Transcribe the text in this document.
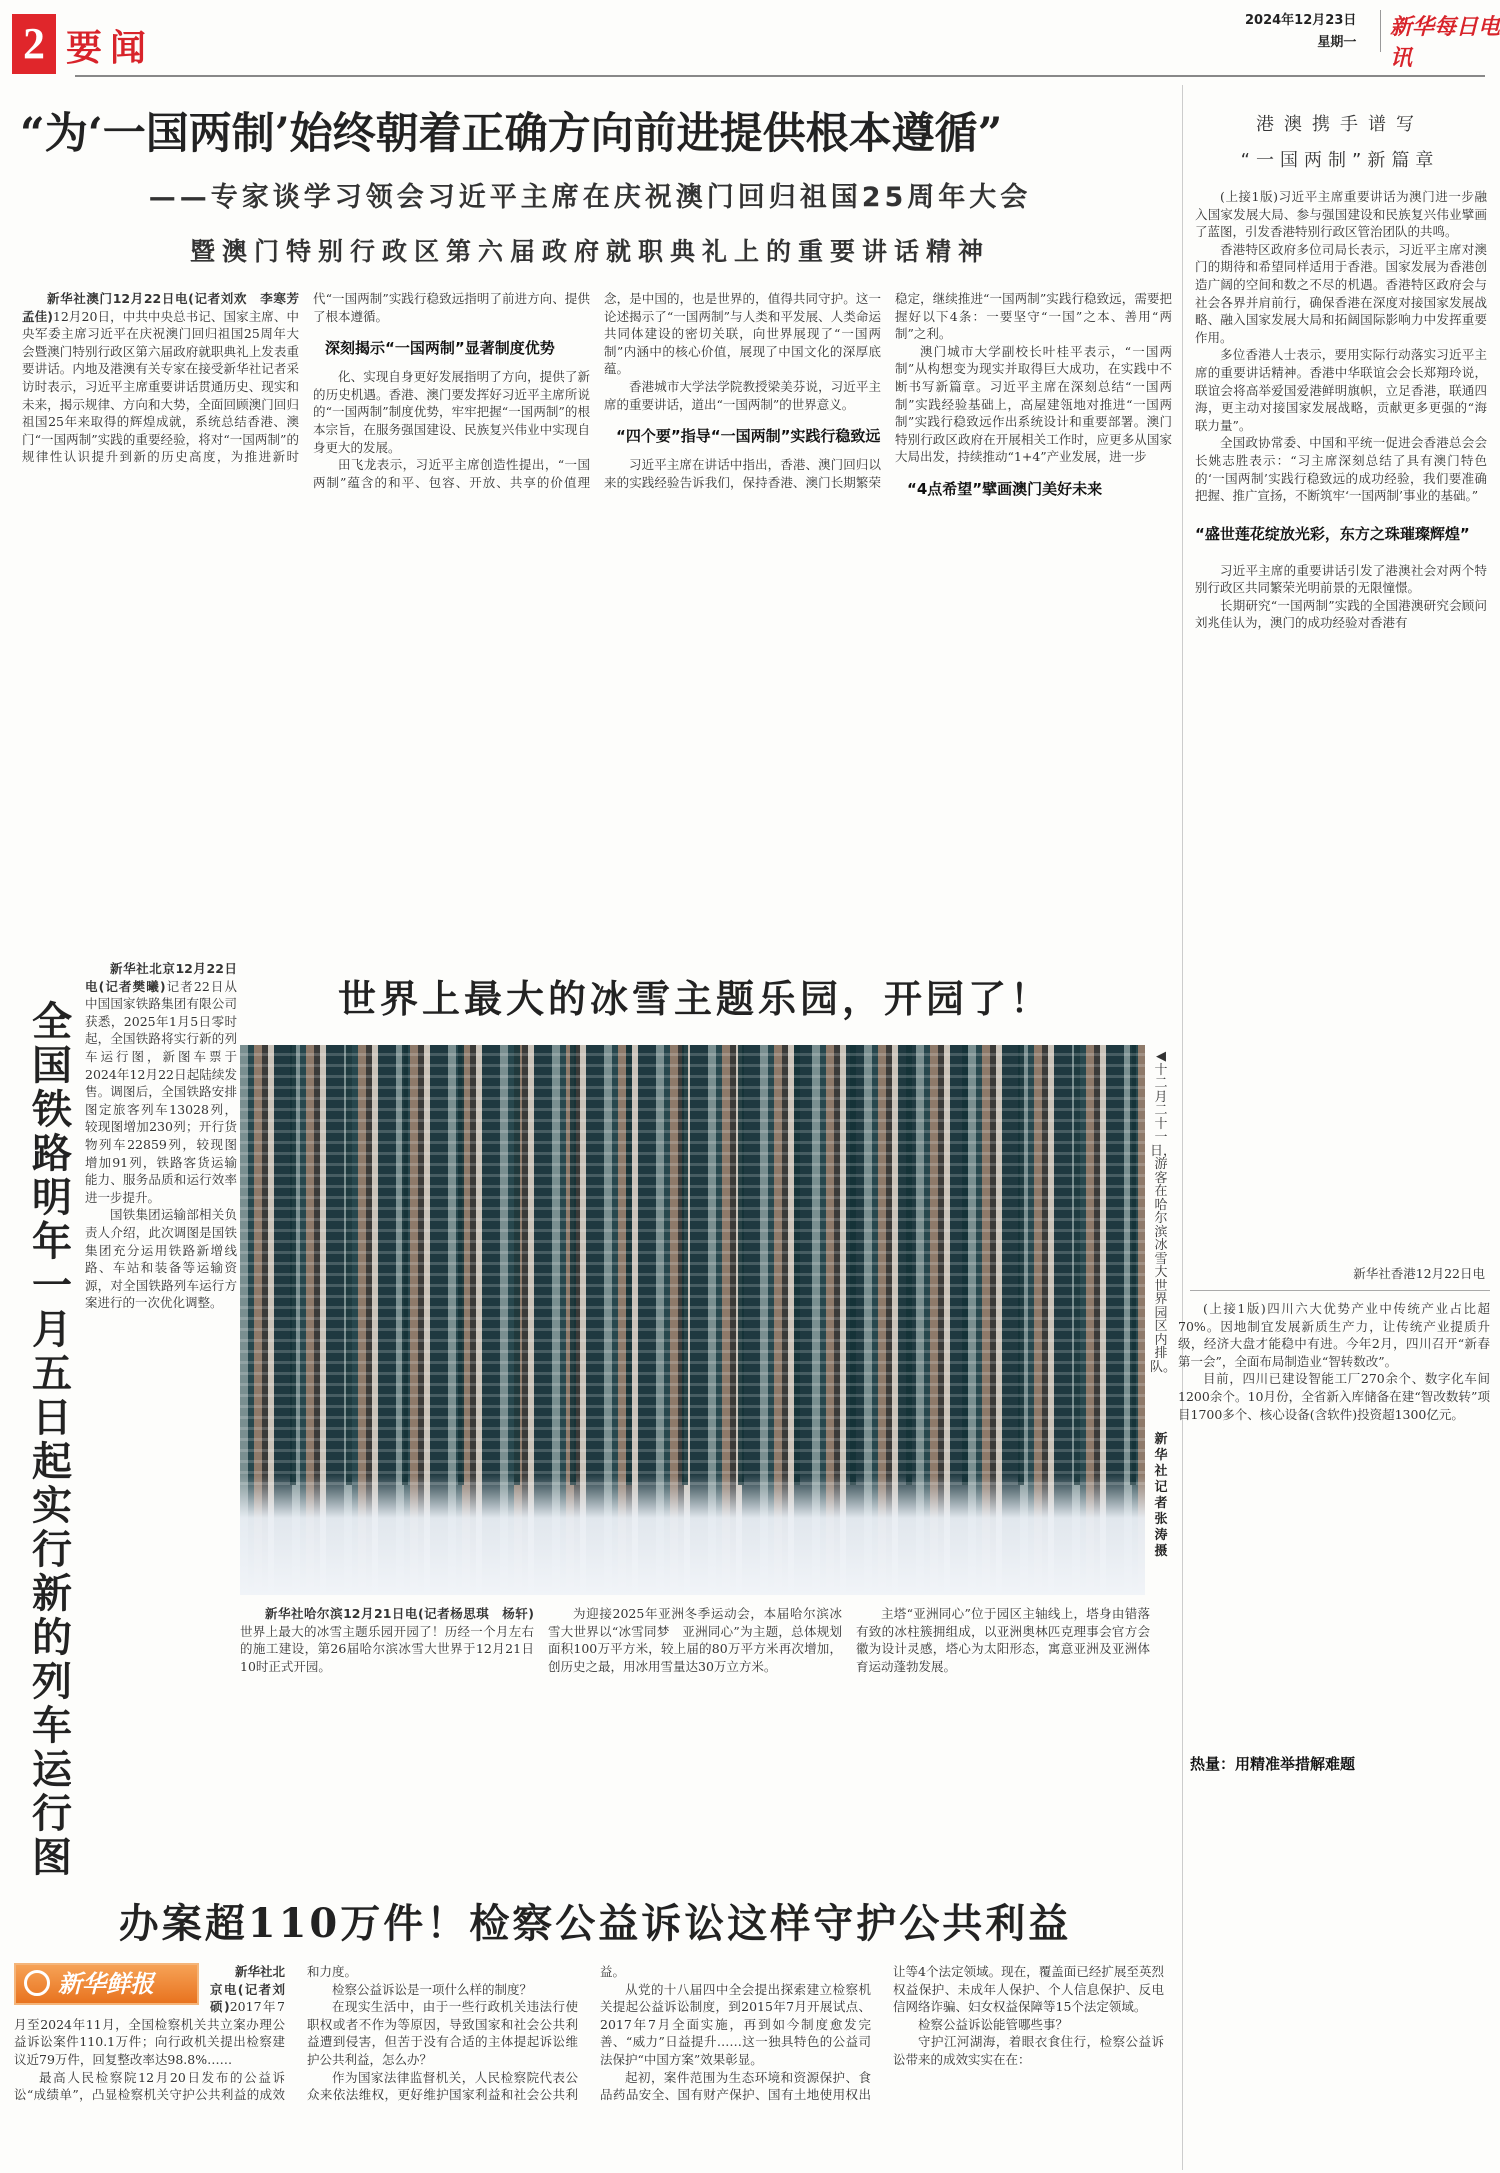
2 要闻
2024年12月23日
星期一
新华每日电讯
“为‘一国两制’始终朝着正确方向前进提供根本遵循”
——专家谈学习领会习近平主席在庆祝澳门回归祖国25周年大会
暨澳门特别行政区第六届政府就职典礼上的重要讲话精神

新华社澳门12月22日电(记者刘欢　李寒芳　孟佳)12月20日，中共中央总书记、国家主席、中央军委主席习近平在庆祝澳门回归祖国25周年大会暨澳门特别行政区第六届政府就职典礼上发表重要讲话。内地及港澳有关专家在接受新华社记者采访时表示，习近平主席重要讲话贯通历史、现实和未来，揭示规律、方向和大势，全面回顾澳门回归祖国25年来取得的辉煌成就，系统总结香港、澳门“一国两制”实践的重要经验，将对“一国两制”的规律性认识提升到新的历史高度，为推进新时代“一国两制”实践行稳致远指明了前进方向、提供了根本遵循。

深刻揭示“一国两制”显著制度优势

化、实现自身更好发展指明了方向，提供了新的历史机遇。香港、澳门要发挥好习近平主席所说的“一国两制”制度优势，牢牢把握“一国两制”的根本宗旨，在服务强国建设、民族复兴伟业中实现自身更大的发展。

田飞龙表示，习近平主席创造性提出，“一国两制”蕴含的和平、包容、开放、共享的价值理念，是中国的，也是世界的，值得共同守护。这一论述揭示了“一国两制”与人类和平发展、人类命运共同体建设的密切关联，向世界展现了“一国两制”内涵中的核心价值，展现了中国文化的深厚底蕴。

香港城市大学法学院教授梁美芬说，习近平主席的重要讲话，道出“一国两制”的世界意义。

“四个要”指导“一国两制”实践行稳致远

习近平主席在讲话中指出，香港、澳门回归以来的实践经验告诉我们，保持香港、澳门长期繁荣稳定，继续推进“一国两制”实践行稳致远，需要把握好以下4条：一要坚守“一国”之本、善用“两制”之利。

澳门城市大学副校长叶桂平表示，“一国两制”从构想变为现实并取得巨大成功，在实践中不断书写新篇章。习近平主席在深刻总结“一国两制”实践经验基础上，高屋建瓴地对推进“一国两制”实践行稳致远作出系统设计和重要部署。澳门特别行政区政府在开展相关工作时，应更多从国家大局出发，持续推动“1+4”产业发展，进一步

“4点希望”擘画澳门美好未来

港澳携手谱写
“一国两制”新篇章

(上接1版)习近平主席重要讲话为澳门进一步融入国家发展大局、参与强国建设和民族复兴伟业擘画了蓝图，引发香港特别行政区管治团队的共鸣。

香港特区政府多位司局长表示，习近平主席对澳门的期待和希望同样适用于香港。国家发展为香港创造广阔的空间和数之不尽的机遇。香港特区政府会与社会各界并肩前行，确保香港在深度对接国家发展战略、融入国家发展大局和拓阔国际影响力中发挥重要作用。

多位香港人士表示，要用实际行动落实习近平主席的重要讲话精神。香港中华联谊会会长郑翔玲说，联谊会将高举爱国爱港鲜明旗帜，立足香港，联通四海，更主动对接国家发展战略，贡献更多更强的“海联力量”。

全国政协常委、中国和平统一促进会香港总会会长姚志胜表示：“习主席深刻总结了具有澳门特色的‘一国两制’实践行稳致远的成功经验，我们要准确把握、推广宣扬，不断筑牢‘一国两制’事业的基础。”

“盛世莲花绽放光彩，东方之珠璀璨辉煌”

习近平主席的重要讲话引发了港澳社会对两个特别行政区共同繁荣光明前景的无限憧憬。

长期研究“一国两制”实践的全国港澳研究会顾问刘兆佳认为，澳门的成功经验对香港有

新华社香港12月22日电
全国铁路明年一月五日起实行新的列车运行图

新华社北京12月22日电(记者樊曦)记者22日从中国国家铁路集团有限公司获悉，2025年1月5日零时起，全国铁路将实行新的列车运行图，新图车票于2024年12月22日起陆续发售。调图后，全国铁路安排图定旅客列车13028列，较现图增加230列；开行货物列车22859列，较现图增加91列，铁路客货运输能力、服务品质和运行效率进一步提升。

国铁集团运输部相关负责人介绍，此次调图是国铁集团充分运用铁路新增线路、车站和装备等运输资源，对全国铁路列车运行方案进行的一次优化调整。

世界上最大的冰雪主题乐园，开园了！
◀十二月二十一日，游客在哈尔滨冰雪大世界园区内排队。
新华社记者张涛摄

新华社哈尔滨12月21日电(记者杨思琪　杨轩)世界上最大的冰雪主题乐园开园了！历经一个月左右的施工建设，第26届哈尔滨冰雪大世界于12月21日10时正式开园。

为迎接2025年亚洲冬季运动会，本届哈尔滨冰雪大世界以“冰雪同梦　亚洲同心”为主题，总体规划面积100万平方米，较上届的80万平方米再次增加，创历史之最，用冰用雪量达30万立方米。

主塔“亚洲同心”位于园区主轴线上，塔身由错落有致的冰柱簇拥组成，以亚洲奥林匹克理事会官方会徽为设计灵感，塔心为太阳形态，寓意亚洲及亚洲体育运动蓬勃发展。

(上接1版)四川六大优势产业中传统产业占比超70%。因地制宜发展新质生产力，让传统产业提质升级，经济大盘才能稳中有进。今年2月，四川召开“新春第一会”，全面布局制造业“智转数改”。

目前，四川已建设智能工厂270余个、数字化车间1200余个。10月份，全省新入库储备在建“智改数转”项目1700多个、核心设备(含软件)投资超1300亿元。

热量：用精准举措解难题

办案超110万件！检察公益诉讼这样守护公共利益

新华社北京电(记者刘硕)2017年7月至2024年11月，全国检察机关共立案办理公益诉讼案件110.1万件；向行政机关提出检察建议近79万件，回复整改率达98.8%……

最高人民检察院12月20日发布的公益诉讼“成绩单”，凸显检察机关守护公共利益的成效和力度。

检察公益诉讼是一项什么样的制度？

在现实生活中，由于一些行政机关违法行使职权或者不作为等原因，导致国家和社会公共利益遭到侵害，但苦于没有合适的主体提起诉讼维护公共利益，怎么办？

作为国家法律监督机关，人民检察院代表公众来依法维权，更好维护国家利益和社会公共利益。

从党的十八届四中全会提出探索建立检察机关提起公益诉讼制度，到2015年7月开展试点、2017年7月全面实施，再到如今制度愈发完善、“威力”日益提升……这一独具特色的公益司法保护“中国方案”效果彰显。

起初，案件范围为生态环境和资源保护、食品药品安全、国有财产保护、国有土地使用权出让等4个法定领域。现在，覆盖面已经扩展至英烈权益保护、未成年人保护、个人信息保护、反电信网络诈骗、妇女权益保障等15个法定领域。

检察公益诉讼能管哪些事？

守护江河湖海，着眼衣食住行，检察公益诉讼带来的成效实实在在：

新华鲜报
